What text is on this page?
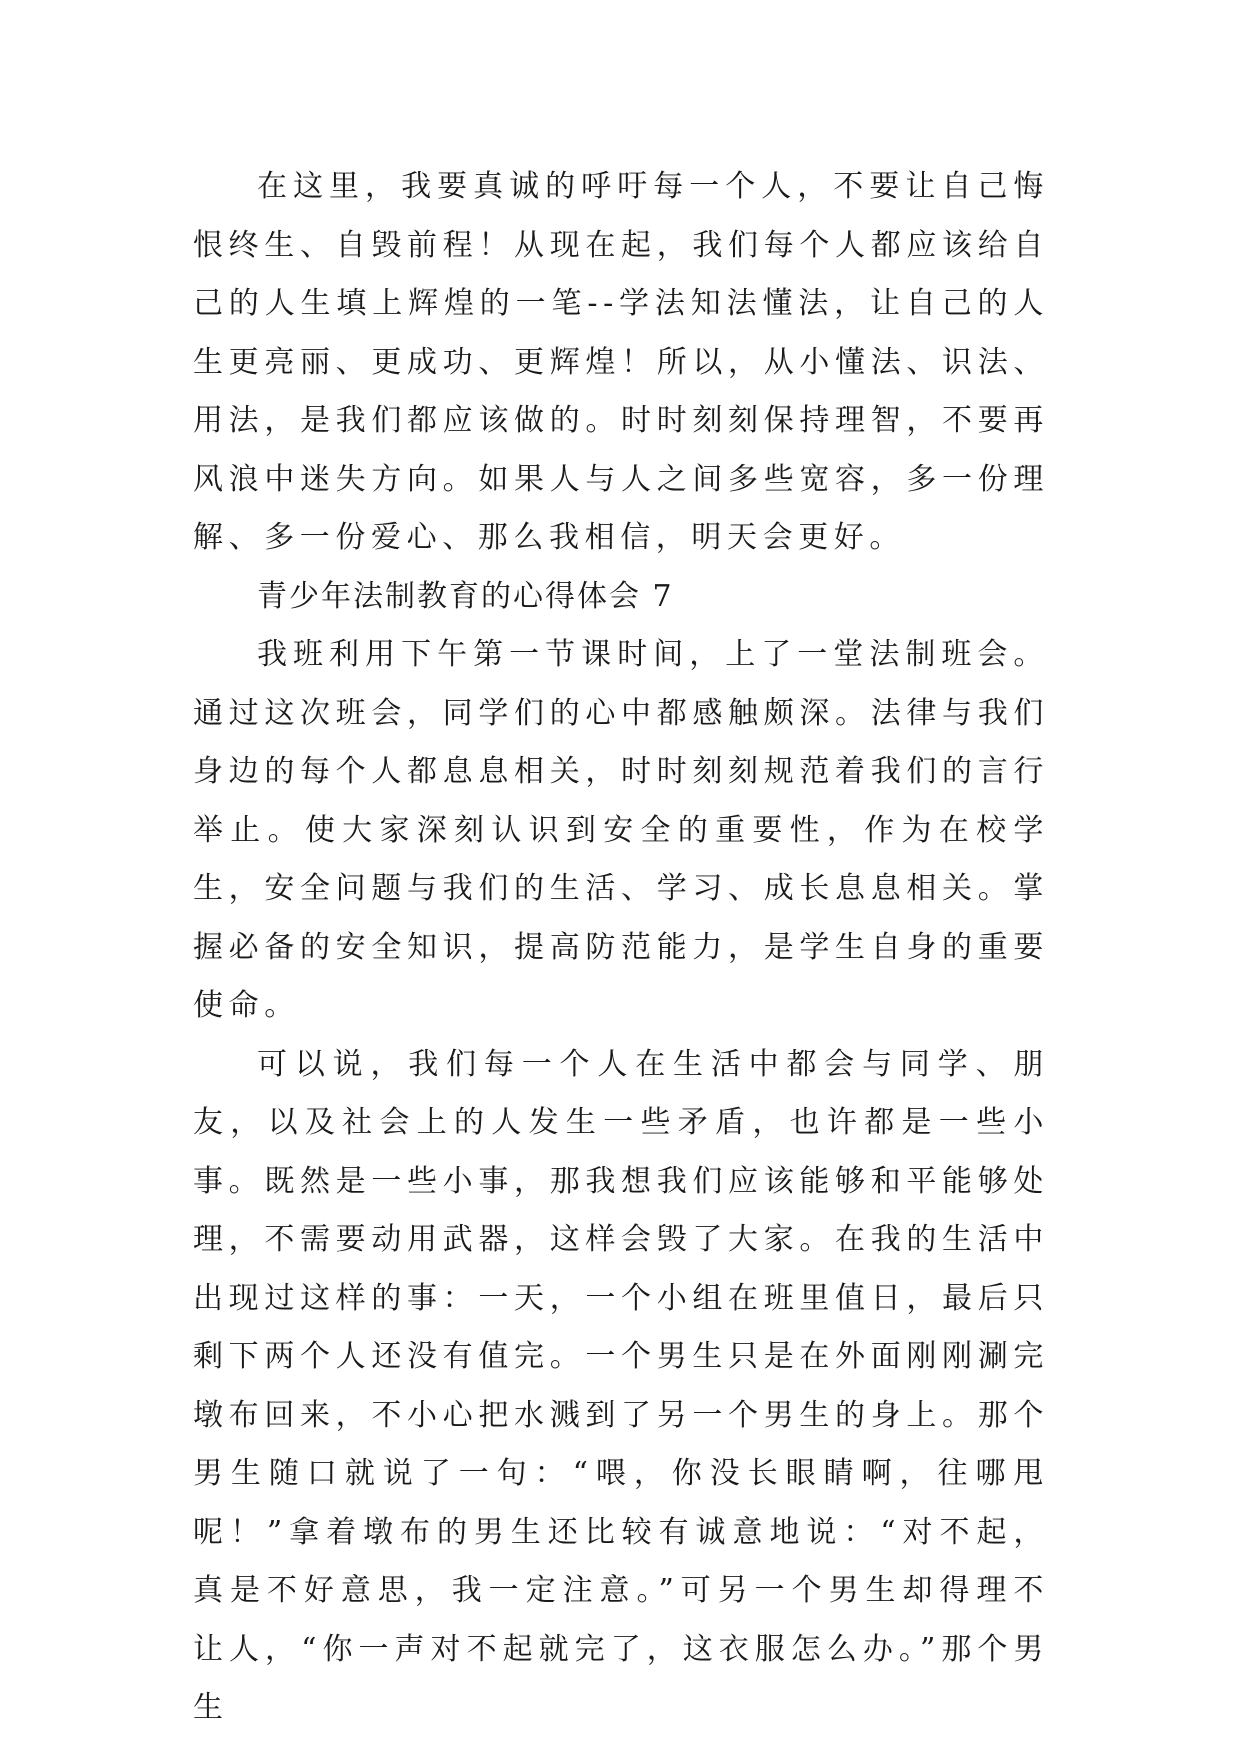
在这里，我要真诚的呼吁每一个人，不要让自己悔恨终生、自毁前程！从现在起，我们每个人都应该给自己的人生填上辉煌的一笔--学法知法懂法，让自己的人生更亮丽、更成功、更辉煌！所以，从小懂法、识法、用法，是我们都应该做的。时时刻刻保持理智，不要再风浪中迷失方向。如果人与人之间多些宽容，多一份理解、多一份爱心、那么我相信，明天会更好。

青少年法制教育的心得体会 7

我班利用下午第一节课时间，上了一堂法制班会。通过这次班会，同学们的心中都感触颇深。法律与我们身边的每个人都息息相关，时时刻刻规范着我们的言行举止。使大家深刻认识到安全的重要性，作为在校学生，安全问题与我们的生活、学习、成长息息相关。掌握必备的安全知识，提高防范能力，是学生自身的重要使命。

可以说，我们每一个人在生活中都会与同学、朋友，以及社会上的人发生一些矛盾，也许都是一些小事。既然是一些小事，那我想我们应该能够和平能够处理，不需要动用武器，这样会毁了大家。在我的生活中出现过这样的事：一天，一个小组在班里值日，最后只剩下两个人还没有值完。一个男生只是在外面刚刚涮完墩布回来，不小心把水溅到了另一个男生的身上。那个男生随口就说了一句：“喂，你没长眼睛啊，往哪甩呢！”拿着墩布的男生还比较有诚意地说：“对不起，真是不好意思，我一定注意。”可另一个男生却得理不让人，“你一声对不起就完了，这衣服怎么办。”那个男生
